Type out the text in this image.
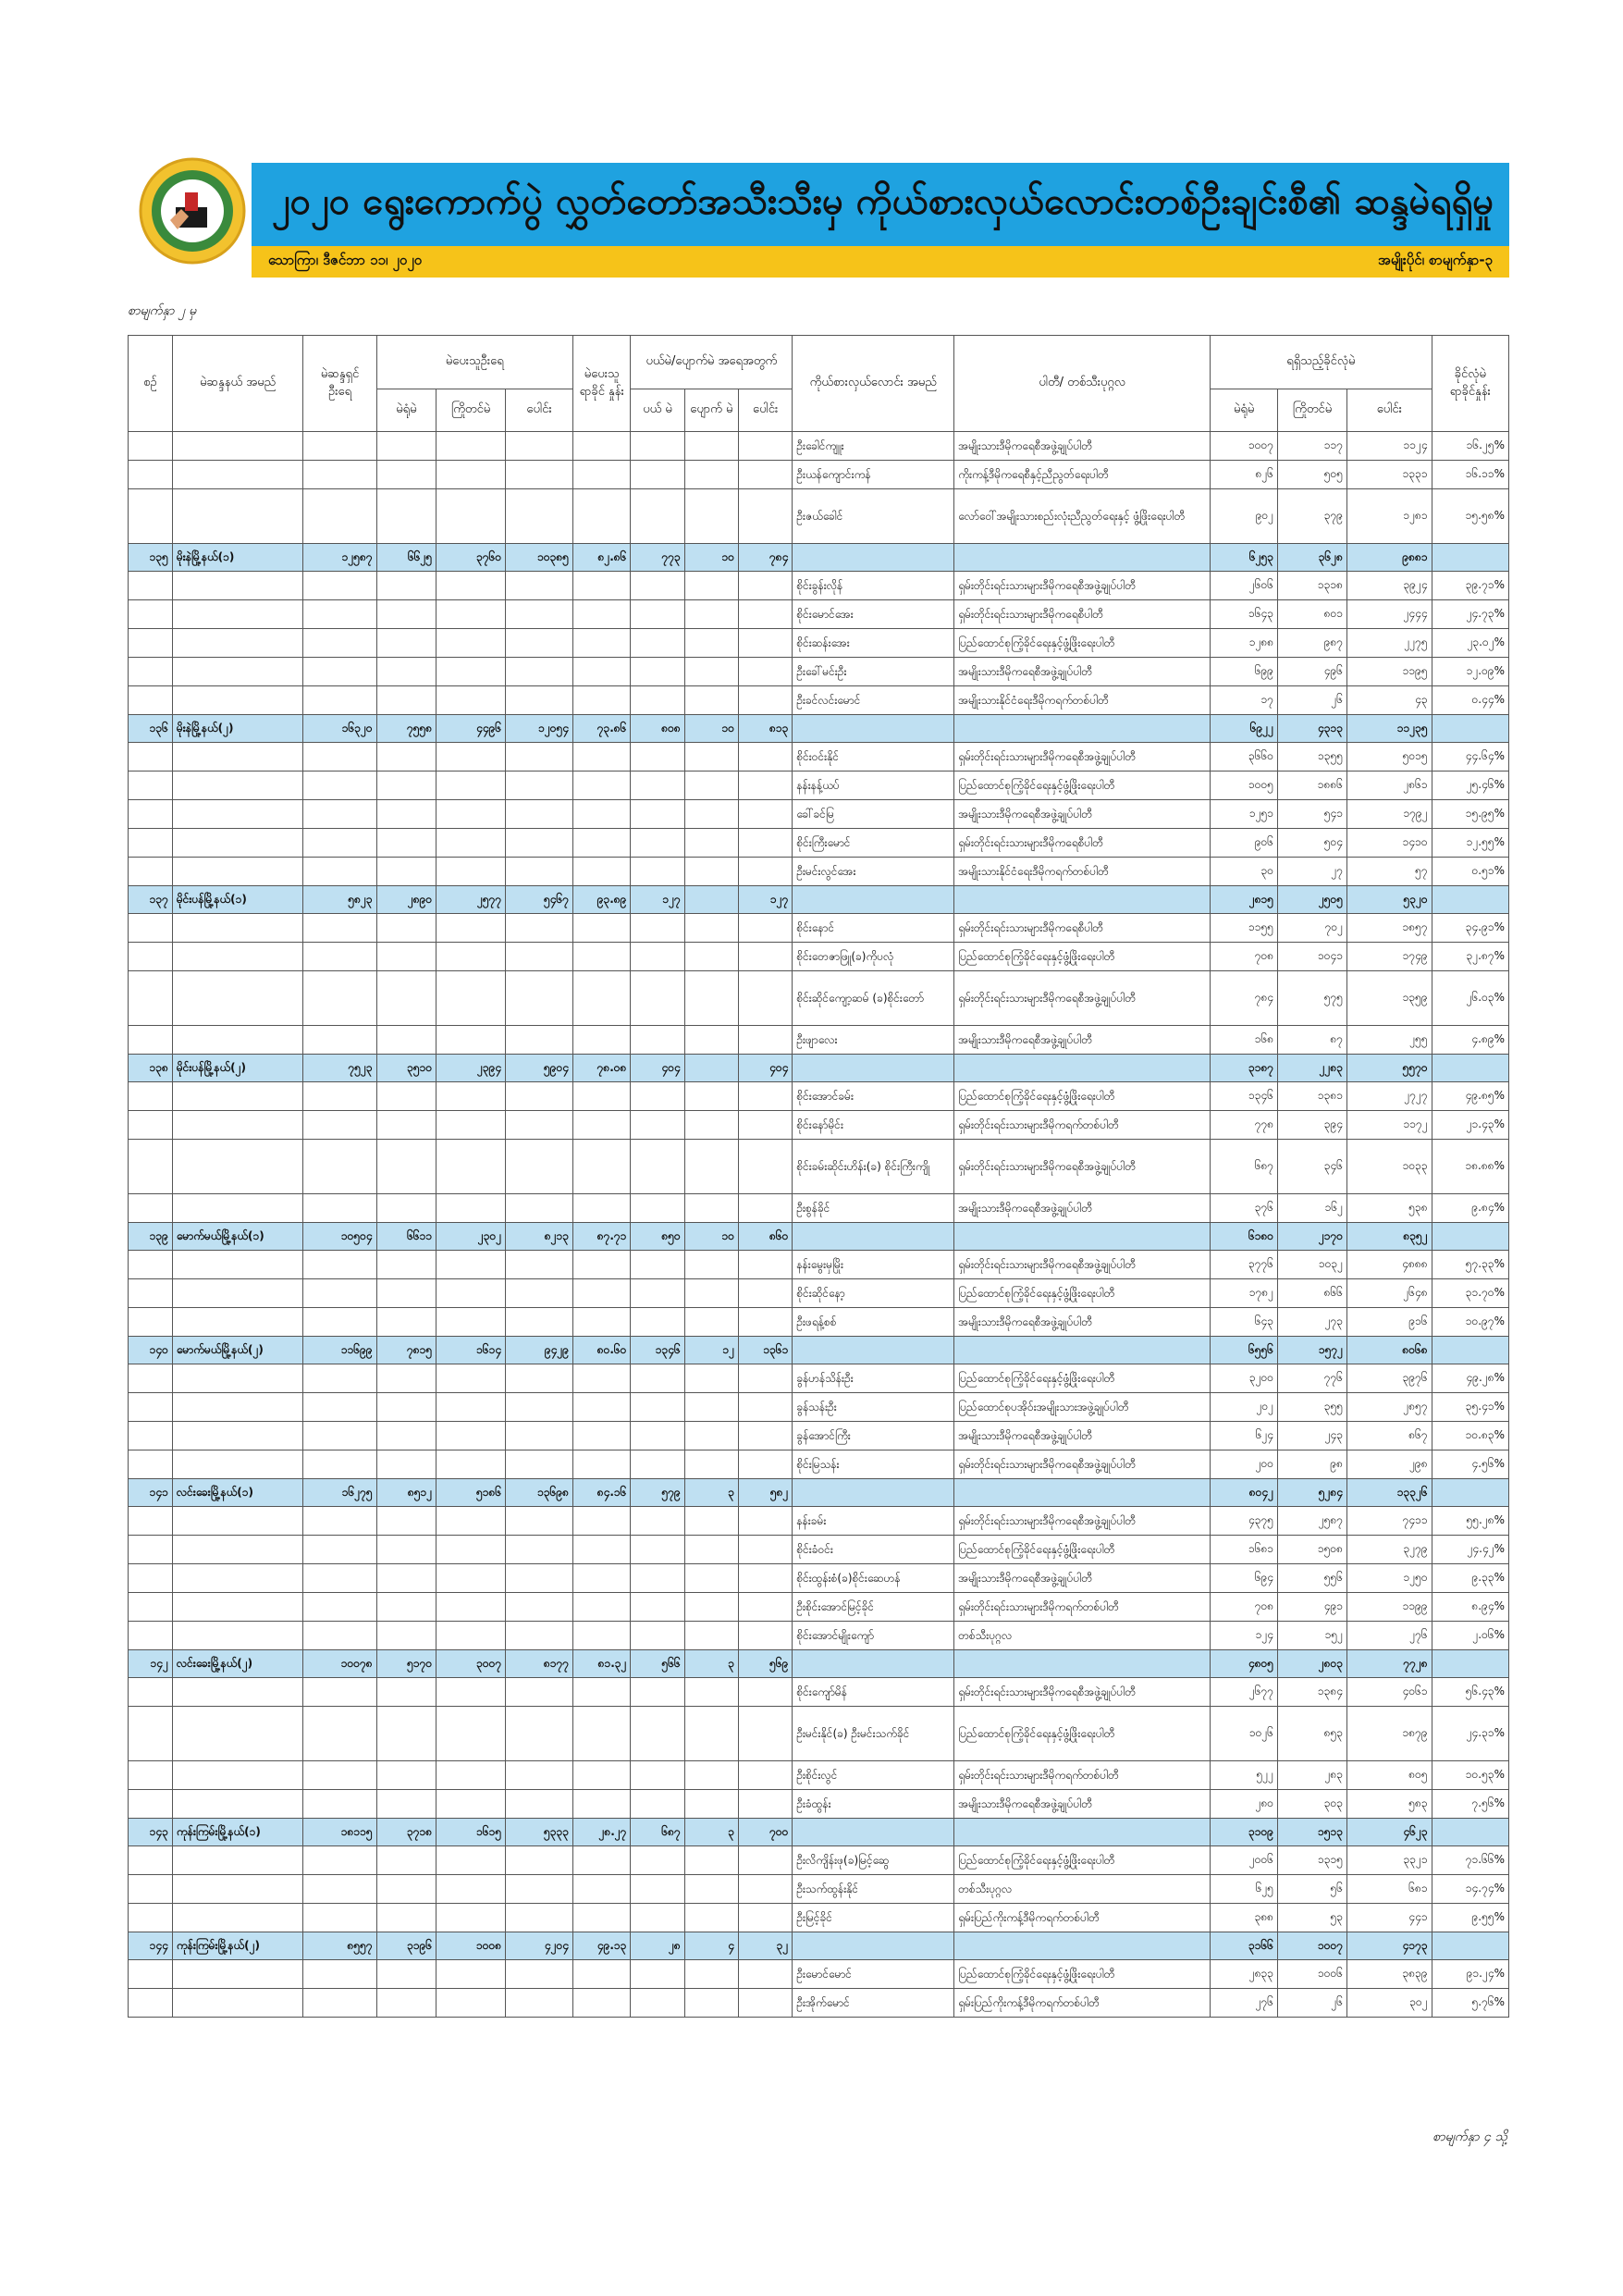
၂၀၂၀ ရွေးကောက်ပွဲ လွှတ်တော်အသီးသီးမှ ကိုယ်စားလှယ်လောင်းတစ်ဦးချင်းစီ၏ ဆန္ဒမဲရရှိမှု
သောကြာ၊ ဒီဇင်ဘာ ၁၁၊ ၂၀၂၀	အမျိုးပိုင်၊ စာမျက်နှာ-၃
စာမျက်နှာ ၂ မှ
စဉ်	မဲဆန္ဒနယ် အမည်	မဲဆန္ဒရှင် ဦးရေ	မဲပေးသူဦးရေ			မဲပေးသူ ရာခိုင် နှုန်း	ပယ်မဲ/ပျောက်မဲ အရေအတွက်			ကိုယ်စားလှယ်လောင်း အမည်	ပါတီ/ တစ်သီးပုဂ္ဂလ	ရရှိသည့်ခိုင်လုံမဲ			ခိုင်လုံမဲ ရာခိုင်နှုန်း
			မဲရုံမဲ	ကြိုတင်မဲ	ပေါင်း		ပယ် မဲ	ပျောက် မဲ	ပေါင်း			မဲရုံမဲ	ကြိုတင်မဲ	ပေါင်း	
										ဦးခေါင်ကျူး	အမျိုးသားဒီမိုကရေစီအဖွဲ့ချုပ်ပါတီ	၁၀၀၇	၁၁၇	၁၁၂၄	၁၆.၂၅%
										ဦးယန်ကျောင်းကန်	ကိုးကန့်ဒီမိုကရေစီနှင့်ညီညွတ်ရေးပါတီ	၈၂၆	၅၀၅	၁၃၃၁	၁၆.၁၁%
										ဦးဇယ်ခေါင်	လော်ဝေါ်အမျိုးသားစည်းလုံးညီညွတ်ရေးနှင့် ဖွံ့ဖြိုးရေးပါတီ	၉၀၂	၃၇၉	၁၂၈၁	၁၅.၅၈%
၁၃၅	မိုးနဲမြို့နယ်(၁)	၁၂၅၈၇	၆၆၂၅	၃၇၆၀	၁၀၃၈၅	၈၂.၈၆	၇၇၃	၁၀	၇၈၄			၆၂၅၃	၃၆၂၈	၉၈၈၁	
										စိုင်းခွန်းလိုန်	ရှမ်းတိုင်းရင်းသားများဒီမိုကရေစီအဖွဲ့ချုပ်ပါတီ	၂၆၀၆	၁၃၁၈	၃၉၂၄	၃၉.၇၁%
										စိုင်းမောင်အေး	ရှမ်းတိုင်းရင်းသားများဒီမိုကရေစီပါတီ	၁၆၄၃	၈၀၁	၂၄၄၄	၂၄.၇၃%
										စိုင်းဆန်းအေး	ပြည်ထောင်စုကြံ့ခိုင်ရေးနှင့်ဖွံ့ဖြိုးရေးပါတီ	၁၂၈၈	၉၈၇	၂၂၇၅	၂၃.၀၂%
										ဦးခေါ်မင်းဦး	အမျိုးသားဒီမိုကရေစီအဖွဲ့ချုပ်ပါတီ	၆၉၉	၄၉၆	၁၁၉၅	၁၂.၀၉%
										ဦးခင်လင်းမောင်	အမျိုးသားနိုင်ငံရေးဒီမိုကရက်တစ်ပါတီ	၁၇	၂၆	၄၃	၀.၄၄%
၁၃၆	မိုးနဲမြို့နယ်(၂)	၁၆၃၂၀	၇၅၅၈	၄၄၉၆	၁၂၀၅၄	၇၃.၈၆	၈၀၈	၁၀	၈၁၃			၆၉၂၂	၄၃၁၃	၁၁၂၃၅	
										စိုင်းဝင်းနိုင်	ရှမ်းတိုင်းရင်းသားများဒီမိုကရေစီအဖွဲ့ချုပ်ပါတီ	၃၆၆၀	၁၃၅၅	၅၀၁၅	၄၄.၆၄%
										နန်းနန့်ယပ်	ပြည်ထောင်စုကြံ့ခိုင်ရေးနှင့်ဖွံ့ဖြိုးရေးပါတီ	၁၀၀၅	၁၈၈၆	၂၈၆၁	၂၅.၄၆%
										ခေါ်ခင်မြ	အမျိုးသားဒီမိုကရေစီအဖွဲ့ချုပ်ပါတီ	၁၂၅၁	၅၄၁	၁၇၉၂	၁၅.၉၅%
										စိုင်းကြီးမောင်	ရှမ်းတိုင်းရင်းသားများဒီမိုကရေစီပါတီ	၉၀၆	၅၀၄	၁၄၁၀	၁၂.၅၅%
										ဦးမင်းလွင်အေး	အမျိုးသားနိုင်ငံရေးဒီမိုကရက်တစ်ပါတီ	၃၀	၂၇	၅၇	၀.၅၁%
၁၃၇	မိုင်းပန်မြို့နယ်(၁)	၅၈၂၃	၂၈၉၀	၂၅၇၇	၅၄၆၇	၉၃.၈၉	၁၂၇		၁၂၇			၂၈၁၅	၂၅၀၅	၅၃၂၀	
										စိုင်းနောင်	ရှမ်းတိုင်းရင်းသားများဒီမိုကရေစီပါတီ	၁၁၅၅	၇၀၂	၁၈၅၇	၃၄.၉၁%
										စိုင်းတေဇာဖြူ(ခ)ကိုပလုံ	ပြည်ထောင်စုကြံ့ခိုင်ရေးနှင့်ဖွံ့ဖြိုးရေးပါတီ	၇၀၈	၁၀၄၁	၁၇၄၉	၃၂.၈၇%
										စိုင်းဆိုင်ကျော့ဆမ် (ခ)စိုင်းတော်	ရှမ်းတိုင်းရင်းသားများဒီမိုကရေစီအဖွဲ့ချုပ်ပါတီ	၇၈၄	၅၇၅	၁၃၅၉	၂၆.၀၃%
										ဦးဖျာလေး	အမျိုးသားဒီမိုကရေစီအဖွဲ့ချုပ်ပါတီ	၁၆၈	၈၇	၂၅၅	၄.၈၉%
၁၃၈	မိုင်းပန်မြို့နယ်(၂)	၇၅၂၃	၃၅၁၀	၂၃၉၄	၅၉၀၄	၇၈.၀၈	၄၀၄		၄၀၄			၃၁၈၇	၂၂၈၃	၅၅၇၀	
										စိုင်းအောင်ခမ်း	ပြည်ထောင်စုကြံ့ခိုင်ရေးနှင့်ဖွံ့ဖြိုးရေးပါတီ	၁၃၄၆	၁၃၈၁	၂၇၂၇	၄၉.၈၅%
										စိုင်းနော်မိုင်း	ရှမ်းတိုင်းရင်းသားများဒီမိုကရက်တစ်ပါတီ	၇၇၈	၃၉၄	၁၁၇၂	၂၁.၄၃%
										စိုင်းခမ်းဆိုင်းဟိန်း(ခ) စိုင်းကြီးကျို	ရှမ်းတိုင်းရင်းသားများဒီမိုကရေစီအဖွဲ့ချုပ်ပါတီ	၆၈၇	၃၄၆	၁၀၃၃	၁၈.၈၈%
										ဦးစွန်ခိုင်	အမျိုးသားဒီမိုကရေစီအဖွဲ့ချုပ်ပါတီ	၃၇၆	၁၆၂	၅၃၈	၉.၈၄%
၁၃၉	မောက်မယ်မြို့နယ်(၁)	၁၀၅၀၄	၆၆၁၁	၂၃၀၂	၈၂၁၃	၈၇.၇၁	၈၅၀	၁၀	၈၆၀			၆၁၈၀	၂၁၇၀	၈၃၅၂	
										နန်းမွေးမှမြိုး	ရှမ်းတိုင်းရင်းသားများဒီမိုကရေစီအဖွဲ့ချုပ်ပါတီ	၃၇၇၆	၁၀၃၂	၄၈၈၈	၅၇.၃၃%
										စိုင်းဆိုင်နော့	ပြည်ထောင်စုကြံ့ခိုင်ရေးနှင့်ဖွံ့ဖြိုးရေးပါတီ	၁၇၈၂	၈၆၆	၂၆၄၈	၃၁.၇၀%
										ဦးဖရန့်စစ်	အမျိုးသားဒီမိုကရေစီအဖွဲ့ချုပ်ပါတီ	၆၄၃	၂၇၃	၉၁၆	၁၀.၉၇%
၁၄၀	မောက်မယ်မြို့နယ်(၂)	၁၁၆၉၉	၇၈၁၅	၁၆၁၄	၉၄၂၉	၈၀.၆၀	၁၃၄၆	၁၂	၁၃၆၁			၆၅၅၆	၁၅၇၂	၈၀၆၈	
										ခွန်ဟန်သိန်းဦး	ပြည်ထောင်စုကြံ့ခိုင်ရေးနှင့်ဖွံ့ဖြိုးရေးပါတီ	၃၂၀၀	၇၇၆	၃၉၇၆	၄၉.၂၈%
										ခွန်သန်းဦး	ပြည်ထောင်စုပအိုဝ်းအမျိုးသားအဖွဲ့ချုပ်ပါတီ	၂၀၂	၃၅၅	၂၈၅၇	၃၅.၄၁%
										ခွန်အောင်ကြီး	အမျိုးသားဒီမိုကရေစီအဖွဲ့ချုပ်ပါတီ	၆၂၄	၂၄၃	၈၆၇	၁၀.၈၃%
										စိုင်းမြသန်း	ရှမ်းတိုင်းရင်းသားများဒီမိုကရေစီအဖွဲ့ချုပ်ပါတီ	၂၀၀	၉၈	၂၉၈	၄.၅၆%
၁၄၁	လင်းခေးမြို့နယ်(၁)	၁၆၂၇၅	၈၅၁၂	၅၁၈၆	၁၃၆၉၈	၈၄.၁၆	၅၇၉	၃	၅၈၂			၈၀၄၂	၅၂၈၄	၁၃၃၂၆	
										နန်းခမ်း	ရှမ်းတိုင်းရင်းသားများဒီမိုကရေစီအဖွဲ့ချုပ်ပါတီ	၄၃၇၅	၂၅၈၇	၇၄၁၁	၅၅.၂၈%
										စိုင်းခံဝင်း	ပြည်ထောင်စုကြံ့ခိုင်ရေးနှင့်ဖွံ့ဖြိုးရေးပါတီ	၁၆၈၁	၁၅၀၈	၃၂၇၉	၂၄.၄၂%
										စိုင်းထွန်းစံ(ခ)စိုင်းဆေဟန်	အမျိုးသားဒီမိုကရေစီအဖွဲ့ချုပ်ပါတီ	၆၉၄	၅၅၆	၁၂၅၀	၉.၃၃%
										ဦးစိုင်းအောင်မြင့်ခိုင်	ရှမ်းတိုင်းရင်းသားများဒီမိုကရက်တစ်ပါတီ	၇၀၈	၄၉၁	၁၁၉၉	၈.၉၄%
										စိုင်းအောင်မျိုးကျော်	တစ်သီးပုဂ္ဂလ	၁၂၄	၁၅၂	၂၇၆	၂.၀၆%
၁၄၂	လင်းခေးမြို့နယ်(၂)	၁၀၀၇၈	၅၁၇၀	၃၀၀၇	၈၁၇၇	၈၁.၃၂	၅၆၆	၃	၅၆၉			၄၈၀၅	၂၈၀၃	၇၇၂၈	
										စိုင်းကျော်မိန်	ရှမ်းတိုင်းရင်းသားများဒီမိုကရေစီအဖွဲ့ချုပ်ပါတီ	၂၆၇၇	၁၃၈၄	၄၀၆၁	၅၆.၄၃%
										ဦးမင်းနိုင်(ခ) ဦးမင်းသက်ခိုင်	ပြည်ထောင်စုကြံ့ခိုင်ရေးနှင့်ဖွံ့ဖြိုးရေးပါတီ	၁၀၂၆	၈၅၃	၁၈၇၉	၂၄.၃၁%
										ဦးစိုင်းလွင်	ရှမ်းတိုင်းရင်းသားများဒီမိုကရက်တစ်ပါတီ	၅၂၂	၂၈၃	၈၀၅	၁၀.၅၃%
										ဦးခံထွန်း	အမျိုးသားဒီမိုကရေစီအဖွဲ့ချုပ်ပါတီ	၂၈၀	၃၀၃	၅၈၃	၇.၅၆%
၁၄၃	ကုန်းကြမ်းမြို့နယ်(၁)	၁၈၁၁၅	၃၇၁၈	၁၆၁၅	၅၃၃၃	၂၈.၂၇	၆၈၇	၃	၇၀၀			၃၁၀၉	၁၅၁၃	၄၆၂၃	
										ဦးလိကျိန်းဖု(ခ)မြင့်ဆွေ	ပြည်ထောင်စုကြံ့ခိုင်ရေးနှင့်ဖွံ့ဖြိုးရေးပါတီ	၂၀၀၆	၁၃၁၅	၃၃၂၁	၇၁.၆၆%
										ဦးသက်ထွန်းနိုင်	တစ်သီးပုဂ္ဂလ	၆၂၅	၅၆	၆၈၁	၁၄.၇၄%
										ဦးမြင့်ခိုင်	ရှမ်းပြည်ကိုးကန့်ဒီမိုကရက်တစ်ပါတီ	၃၈၈	၅၃	၄၄၁	၉.၅၅%
၁၄၄	ကုန်းကြမ်းမြို့နယ်(၂)	၈၅၅၇	၃၁၉၆	၁၀၀၈	၄၂၀၄	၄၉.၁၃	၂၈	၄	၃၂			၃၁၆၆	၁၀၀၇	၄၁၇၃	
										ဦးမောင်မောင်	ပြည်ထောင်စုကြံ့ခိုင်ရေးနှင့်ဖွံ့ဖြိုးရေးပါတီ	၂၈၃၃	၁၀၀၆	၃၈၃၉	၉၁.၂၄%
										ဦးအိုက်မောင်	ရှမ်းပြည်ကိုးကန့်ဒီမိုကရက်တစ်ပါတီ	၂၇၆	၂၆	၃၀၂	၅.၇၆%
စာမျက်နှာ ၄ သို့
